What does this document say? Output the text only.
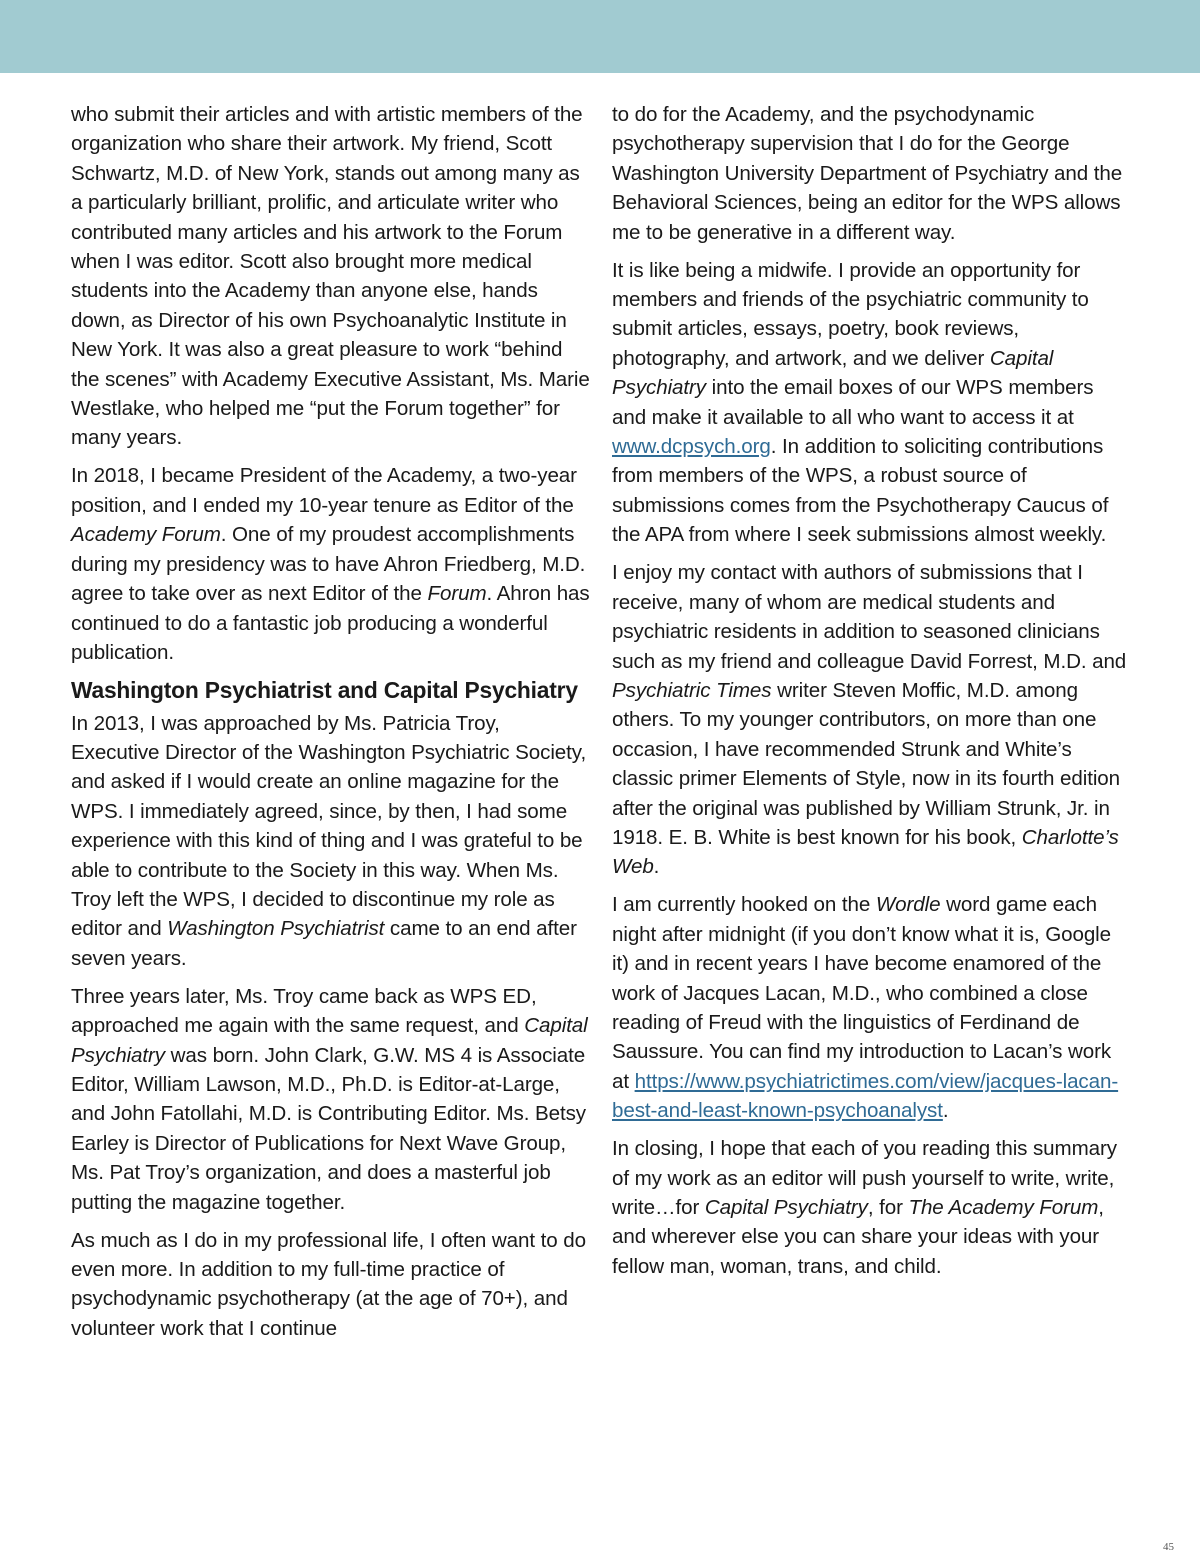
who submit their articles and with artistic members of the organization who share their artwork. My friend, Scott Schwartz, M.D. of New York, stands out among many as a particularly brilliant, prolific, and articulate writer who contributed many articles and his artwork to the Forum when I was editor. Scott also brought more medical students into the Academy than anyone else, hands down, as Director of his own Psychoanalytic Institute in New York. It was also a great pleasure to work “behind the scenes” with Academy Executive Assistant, Ms. Marie Westlake, who helped me “put the Forum together” for many years.

In 2018, I became President of the Academy, a two-year position, and I ended my 10-year tenure as Editor of the Academy Forum. One of my proudest accomplishments during my presidency was to have Ahron Friedberg, M.D. agree to take over as next Editor of the Forum. Ahron has continued to do a fantastic job producing a wonderful publication.

Washington Psychiatrist and Capital Psychiatry

In 2013, I was approached by Ms. Patricia Troy, Executive Director of the Washington Psychiatric Society, and asked if I would create an online magazine for the WPS. I immediately agreed, since, by then, I had some experience with this kind of thing and I was grateful to be able to contribute to the Society in this way. When Ms. Troy left the WPS, I decided to discontinue my role as editor and Washington Psychiatrist came to an end after seven years.

Three years later, Ms. Troy came back as WPS ED, approached me again with the same request, and Capital Psychiatry was born. John Clark, G.W. MS 4 is Associate Editor, William Lawson, M.D., Ph.D. is Editor-at-Large, and John Fatollahi, M.D. is Contributing Editor. Ms. Betsy Earley is Director of Publications for Next Wave Group, Ms. Pat Troy’s organization, and does a masterful job putting the magazine together.

As much as I do in my professional life, I often want to do even more. In addition to my full-time practice of psychodynamic psychotherapy (at the age of 70+), and volunteer work that I continue

to do for the Academy, and the psychodynamic psychotherapy supervision that I do for the George Washington University Department of Psychiatry and the Behavioral Sciences, being an editor for the WPS allows me to be generative in a different way.

It is like being a midwife. I provide an opportunity for members and friends of the psychiatric community to submit articles, essays, poetry, book reviews, photography, and artwork, and we deliver Capital Psychiatry into the email boxes of our WPS members and make it available to all who want to access it at www.dcpsych.org. In addition to soliciting contributions from members of the WPS, a robust source of submissions comes from the Psychotherapy Caucus of the APA from where I seek submissions almost weekly.

I enjoy my contact with authors of submissions that I receive, many of whom are medical students and psychiatric residents in addition to seasoned clinicians such as my friend and colleague David Forrest, M.D. and Psychiatric Times writer Steven Moffic, M.D. among others. To my younger contributors, on more than one occasion, I have recommended Strunk and White’s classic primer Elements of Style, now in its fourth edition after the original was published by William Strunk, Jr. in 1918. E. B. White is best known for his book, Charlotte’s Web.

I am currently hooked on the Wordle word game each night after midnight (if you don’t know what it is, Google it) and in recent years I have become enamored of the work of Jacques Lacan, M.D., who combined a close reading of Freud with the linguistics of Ferdinand de Saussure. You can find my introduction to Lacan’s work at https://www.psychiatrictimes.com/view/jacques-lacan-best-and-least-known-psychoanalyst.

In closing, I hope that each of you reading this summary of my work as an editor will push yourself to write, write, write…for Capital Psychiatry, for The Academy Forum, and wherever else you can share your ideas with your fellow man, woman, trans, and child.

45
